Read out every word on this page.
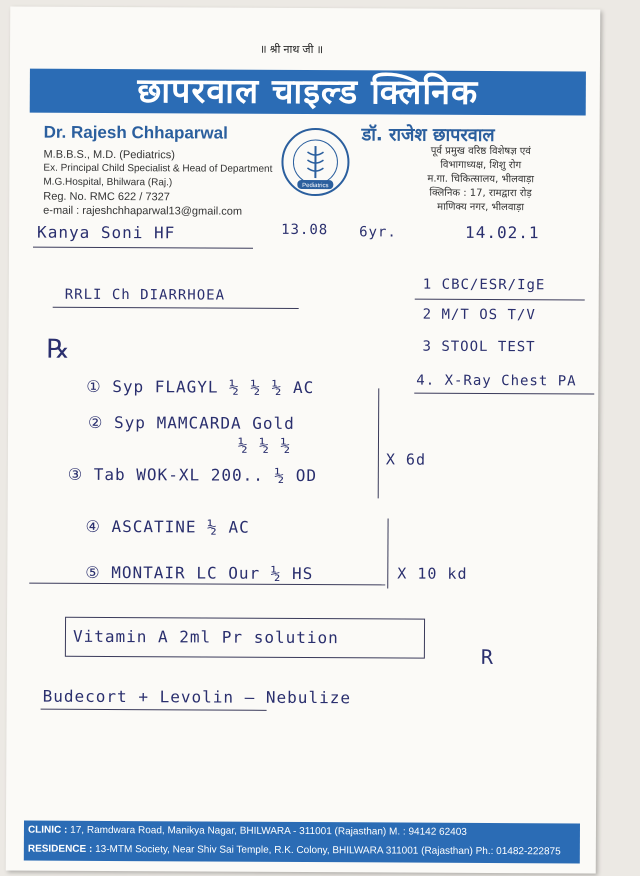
॥ श्री नाथ जी ॥
छापरवाल चाइल्ड क्लिनिक
Dr. Rajesh Chhaparwal	डॉ. राजेश छापरवाल
M.B.B.S., M.D. (Pediatrics)
Ex. Principal Child Specialist & Head of Department
M.G.Hospital, Bhilwara (Raj.)
Reg. No. RMC 622 / 7327
e-mail : rajeshchhaparwal13@gmail.com
Pediatrics
पूर्व प्रमुख वरिष्ठ विशेषज्ञ एवं
विभागाध्यक्ष, शिशु रोग
म.गा. चिकित्सालय, भीलवाड़ा
क्लिनिक : 17, रामद्वारा रोड़
माणिक्य नगर, भीलवाड़ा
Kanya Soni HF	13.08 6yr.	14.02.1
RRLI Ch DIARRHOEA
1 CBC/ESR/IgE
2 M/T OS T/V
3 STOOL TEST
4. X-Ray Chest PA
℞
① Syp FLAGYL ½ ½ ½ AC
② Syp MAMCARDA Gold
½ ½ ½
③ Tab WOK-XL 200.. ½ OD
X 6d
④ ASCATINE ½ AC
⑤ MONTAIR LC Our ½ HS	X 10 kd
Vitamin A 2ml Pr solution
R
Budecort + Levolin — Nebulize
CLINIC : 17, Ramdwara Road, Manikya Nagar, BHILWARA - 311001 (Rajasthan) M. : 94142 62403
RESIDENCE : 13-MTM Society, Near Shiv Sai Temple, R.K. Colony, BHILWARA 311001 (Rajasthan) Ph.: 01482-222875
